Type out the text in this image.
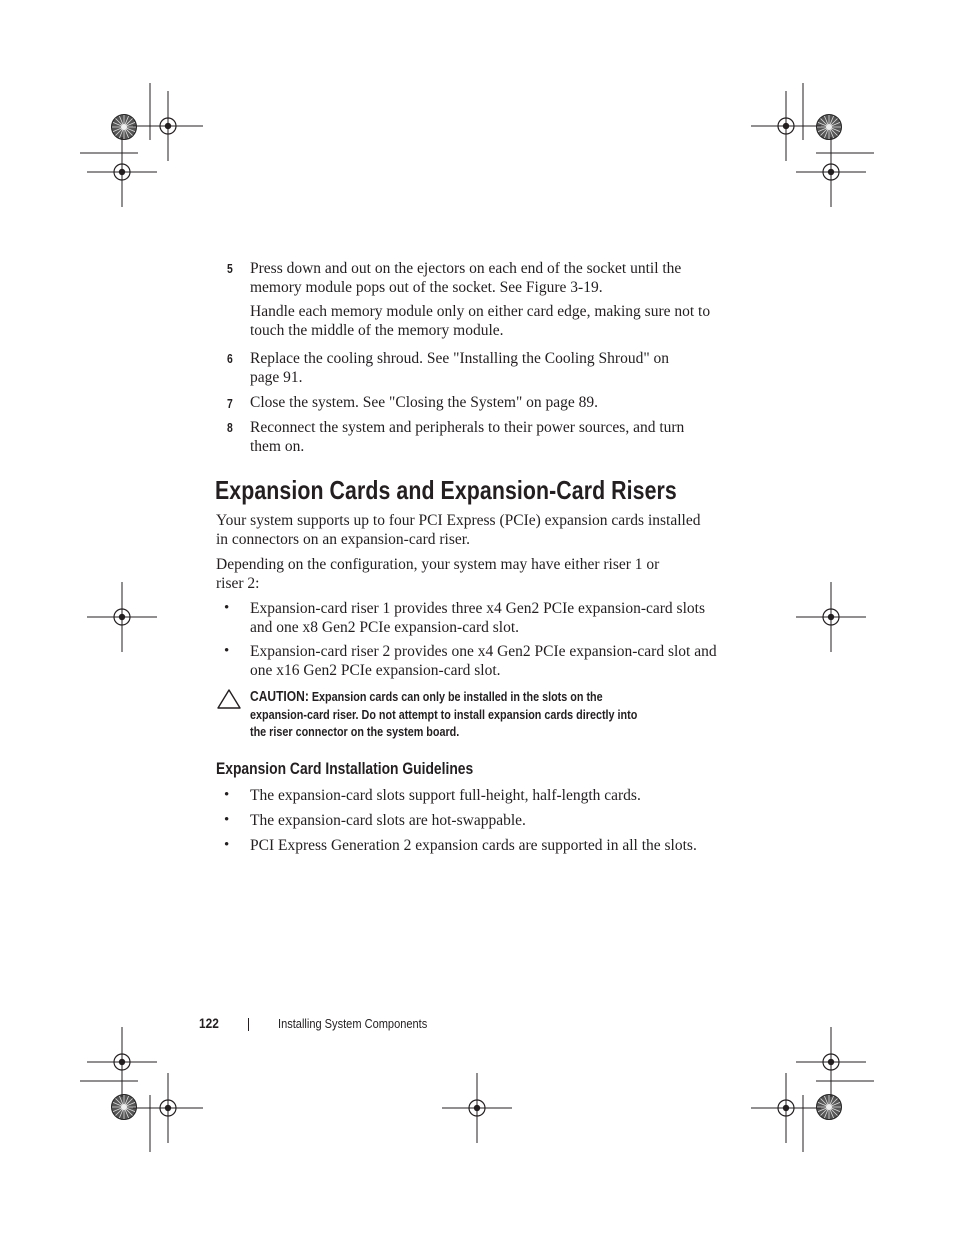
5 Press down and out on the ejectors on each end of the socket until the
memory module pops out of the socket. See Figure 3-19.
Handle each memory module only on either card edge, making sure not to
touch the middle of the memory module.
6 Replace the cooling shroud. See "Installing the Cooling Shroud" on
page 91.
7 Close the system. See "Closing the System" on page 89.
8 Reconnect the system and peripherals to their power sources, and turn
them on.
Expansion Cards and Expansion-Card Risers
Your system supports up to four PCI Express (PCIe) expansion cards installed
in connectors on an expansion-card riser.
Depending on the configuration, your system may have either riser 1 or
riser 2:
• Expansion-card riser 1 provides three x4 Gen2 PCIe expansion-card slots
and one x8 Gen2 PCIe expansion-card slot.
• Expansion-card riser 2 provides one x4 Gen2 PCIe expansion-card slot and
one x16 Gen2 PCIe expansion-card slot.
CAUTION: Expansion cards can only be installed in the slots on the
expansion-card riser. Do not attempt to install expansion cards directly into
the riser connector on the system board.
Expansion Card Installation Guidelines
• The expansion-card slots support full-height, half-length cards.
• The expansion-card slots are hot-swappable.
• PCI Express Generation 2 expansion cards are supported in all the slots.
122	Installing System Components
